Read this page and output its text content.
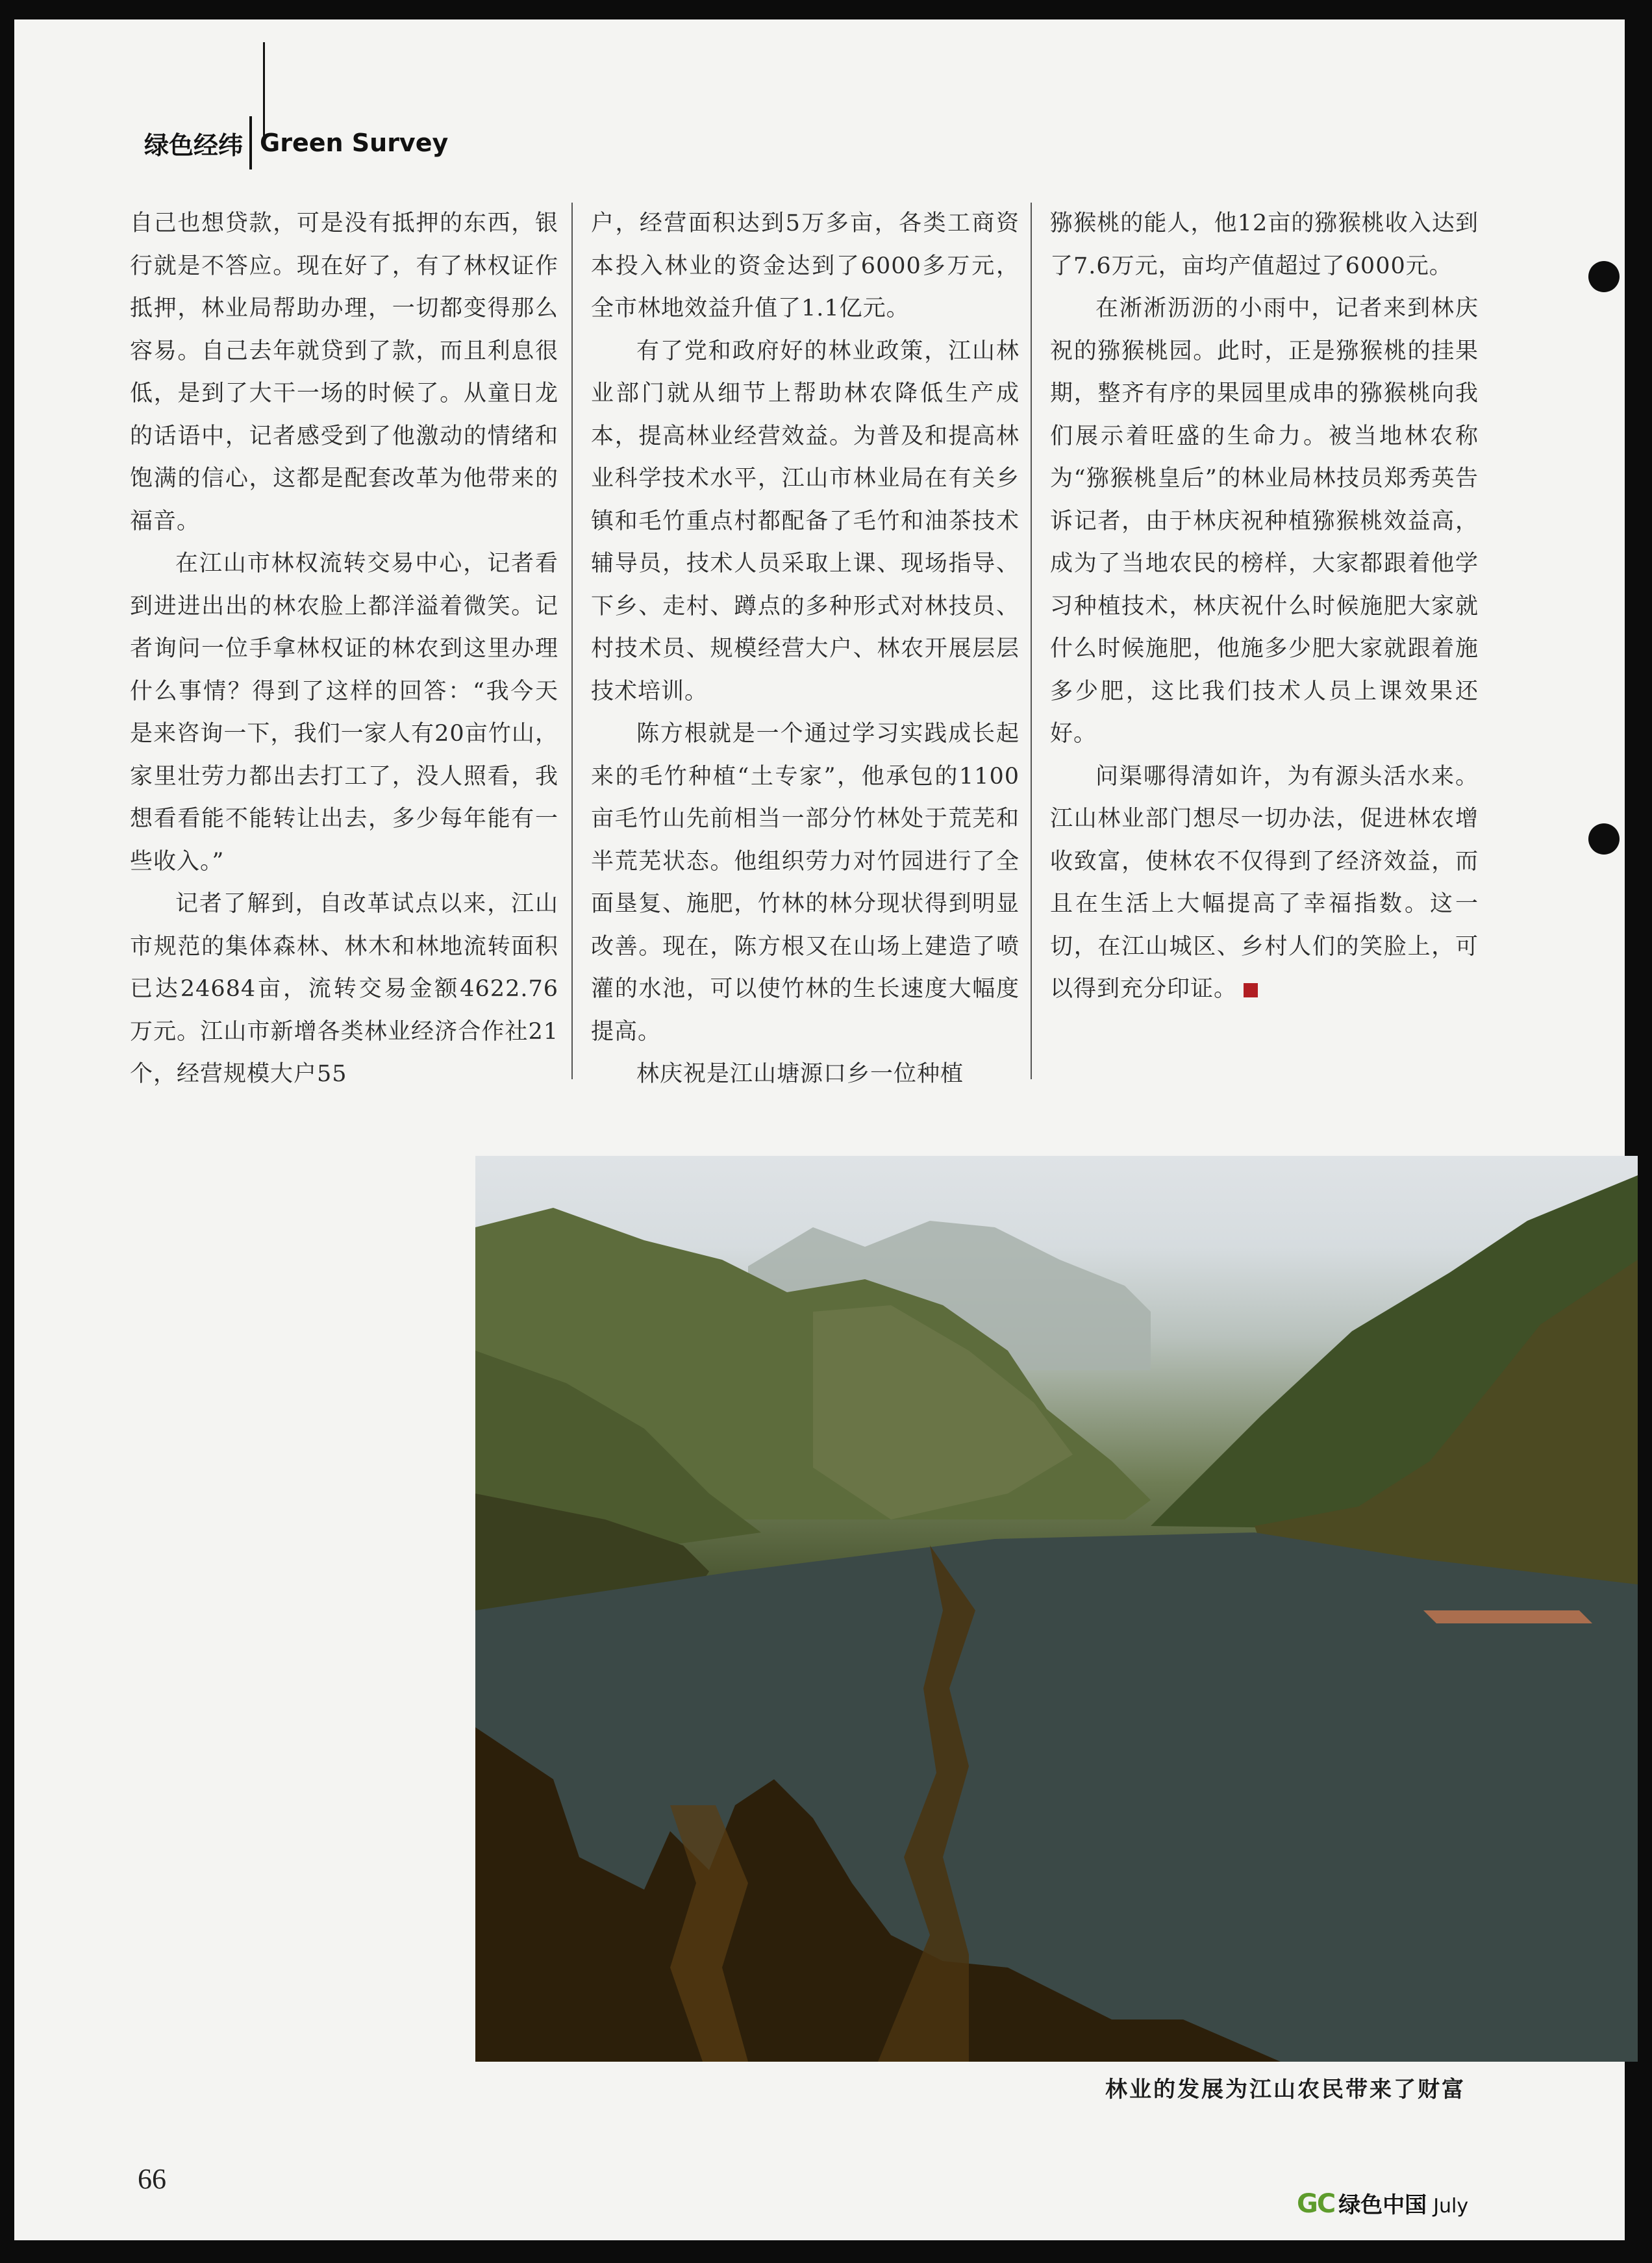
绿色经纬 Green Survey

自己也想贷款，可是没有抵押的东西，银行就是不答应。现在好了，有了林权证作抵押，林业局帮助办理，一切都变得那么容易。自己去年就贷到了款，而且利息很低，是到了大干一场的时候了。从童日龙的话语中，记者感受到了他激动的情绪和饱满的信心，这都是配套改革为他带来的福音。

在江山市林权流转交易中心，记者看到进进出出的林农脸上都洋溢着微笑。记者询问一位手拿林权证的林农到这里办理什么事情？得到了这样的回答：“我今天是来咨询一下，我们一家人有20亩竹山，家里壮劳力都出去打工了，没人照看，我想看看能不能转让出去，多少每年能有一些收入。”

记者了解到，自改革试点以来，江山市规范的集体森林、林木和林地流转面积已达24684亩，流转交易金额4622.76万元。江山市新增各类林业经济合作社21个，经营规模大户55

户，经营面积达到5万多亩，各类工商资本投入林业的资金达到了6000多万元，全市林地效益升值了1.1亿元。

有了党和政府好的林业政策，江山林业部门就从细节上帮助林农降低生产成本，提高林业经营效益。为普及和提高林业科学技术水平，江山市林业局在有关乡镇和毛竹重点村都配备了毛竹和油茶技术辅导员，技术人员采取上课、现场指导、下乡、走村、蹲点的多种形式对林技员、村技术员、规模经营大户、林农开展层层技术培训。

陈方根就是一个通过学习实践成长起来的毛竹种植“土专家”，他承包的1100亩毛竹山先前相当一部分竹林处于荒芜和半荒芜状态。他组织劳力对竹园进行了全面垦复、施肥，竹林的林分现状得到明显改善。现在，陈方根又在山场上建造了喷灌的水池，可以使竹林的生长速度大幅度提高。

林庆祝是江山塘源口乡一位种植

猕猴桃的能人，他12亩的猕猴桃收入达到了7.6万元，亩均产值超过了6000元。

在淅淅沥沥的小雨中，记者来到林庆祝的猕猴桃园。此时，正是猕猴桃的挂果期，整齐有序的果园里成串的猕猴桃向我们展示着旺盛的生命力。被当地林农称为“猕猴桃皇后”的林业局林技员郑秀英告诉记者，由于林庆祝种植猕猴桃效益高，成为了当地农民的榜样，大家都跟着他学习种植技术，林庆祝什么时候施肥大家就什么时候施肥，他施多少肥大家就跟着施多少肥，这比我们技术人员上课效果还好。

问渠哪得清如许，为有源头活水来。江山林业部门想尽一切办法，促进林农增收致富，使林农不仅得到了经济效益，而且在生活上大幅提高了幸福指数。这一切，在江山城区、乡村人们的笑脸上，可以得到充分印证。

林业的发展为江山农民带来了财富
66
GC 绿色中国 July
